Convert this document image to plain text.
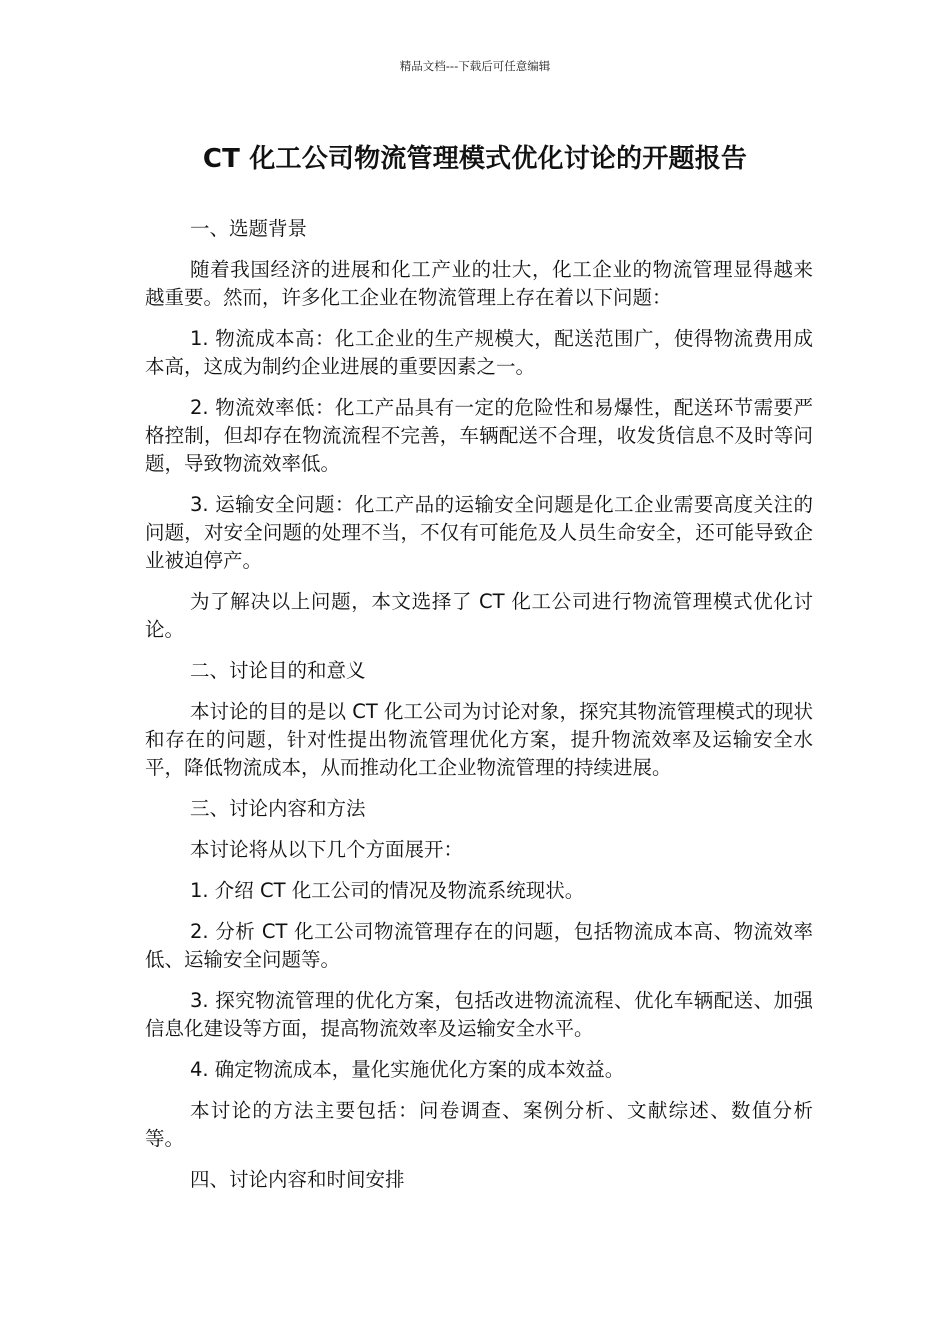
精品文档---下载后可任意编辑
CT 化工公司物流管理模式优化讨论的开题报告

一、选题背景

随着我国经济的进展和化工产业的壮大，化工企业的物流管理显得越来越重要。然而，许多化工企业在物流管理上存在着以下问题：

1. 物流成本高：化工企业的生产规模大，配送范围广，使得物流费用成本高，这成为制约企业进展的重要因素之一。

2. 物流效率低：化工产品具有一定的危险性和易爆性，配送环节需要严格控制，但却存在物流流程不完善，车辆配送不合理，收发货信息不及时等问题，导致物流效率低。

3. 运输安全问题：化工产品的运输安全问题是化工企业需要高度关注的问题，对安全问题的处理不当，不仅有可能危及人员生命安全，还可能导致企业被迫停产。

为了解决以上问题，本文选择了 CT 化工公司进行物流管理模式优化讨论。

二、讨论目的和意义

本讨论的目的是以 CT 化工公司为讨论对象，探究其物流管理模式的现状和存在的问题，针对性提出物流管理优化方案，提升物流效率及运输安全水平，降低物流成本，从而推动化工企业物流管理的持续进展。

三、讨论内容和方法

本讨论将从以下几个方面展开：

1. 介绍 CT 化工公司的情况及物流系统现状。

2. 分析 CT 化工公司物流管理存在的问题，包括物流成本高、物流效率低、运输安全问题等。

3. 探究物流管理的优化方案，包括改进物流流程、优化车辆配送、加强信息化建设等方面，提高物流效率及运输安全水平。

4. 确定物流成本，量化实施优化方案的成本效益。

本讨论的方法主要包括：问卷调查、案例分析、文献综述、数值分析等。

四、讨论内容和时间安排
